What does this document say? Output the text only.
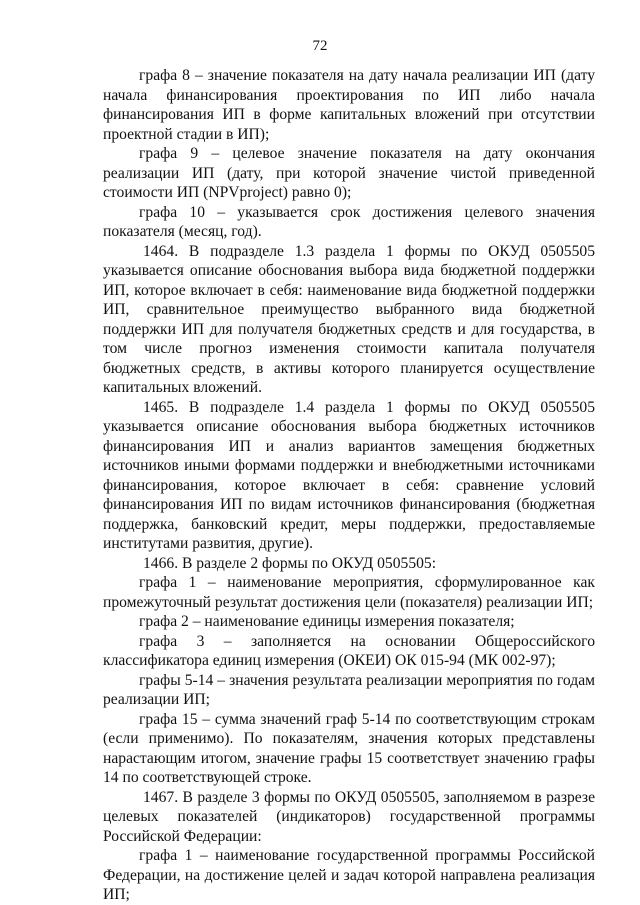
72

графа 8 – значение показателя на дату начала реализации ИП (дату начала финансирования проектирования по ИП либо начала финансирования ИП в форме капитальных вложений при отсутствии проектной стадии в ИП);

графа 9 – целевое значение показателя на дату окончания реализации ИП (дату, при которой значение чистой приведенной стоимости ИП (NPVproject) равно 0);

графа 10 – указывается срок достижения целевого значения показателя (месяц, год).

1464. В подразделе 1.3 раздела 1 формы по ОКУД 0505505 указывается описание обоснования выбора вида бюджетной поддержки ИП, которое включает в себя: наименование вида бюджетной поддержки ИП, сравнительное преимущество выбранного вида бюджетной поддержки ИП для получателя бюджетных средств и для государства, в том числе прогноз изменения стоимости капитала получателя бюджетных средств, в активы которого планируется осуществление капитальных вложений.

1465. В подразделе 1.4 раздела 1 формы по ОКУД 0505505 указывается описание обоснования выбора бюджетных источников финансирования ИП и анализ вариантов замещения бюджетных источников иными формами поддержки и внебюджетными источниками финансирования, которое включает в себя: сравнение условий финансирования ИП по видам источников финансирования (бюджетная поддержка, банковский кредит, меры поддержки, предоставляемые институтами развития, другие).

1466. В разделе 2 формы по ОКУД 0505505:

графа 1 – наименование мероприятия, сформулированное как промежуточный результат достижения цели (показателя) реализации ИП;

графа 2 – наименование единицы измерения показателя;

графа 3 – заполняется на основании Общероссийского классификатора единиц измерения (ОКЕИ) ОК 015-94 (МК 002-97);

графы 5-14 – значения результата реализации мероприятия по годам реализации ИП;

графа 15 – сумма значений граф 5-14 по соответствующим строкам (если применимо). По показателям, значения которых представлены нарастающим итогом, значение графы 15 соответствует значению графы 14 по соответствующей строке.

1467. В разделе 3 формы по ОКУД 0505505, заполняемом в разрезе целевых показателей (индикаторов) государственной программы Российской Федерации:

графа 1 – наименование государственной программы Российской Федерации, на достижение целей и задач которой направлена реализация ИП;
